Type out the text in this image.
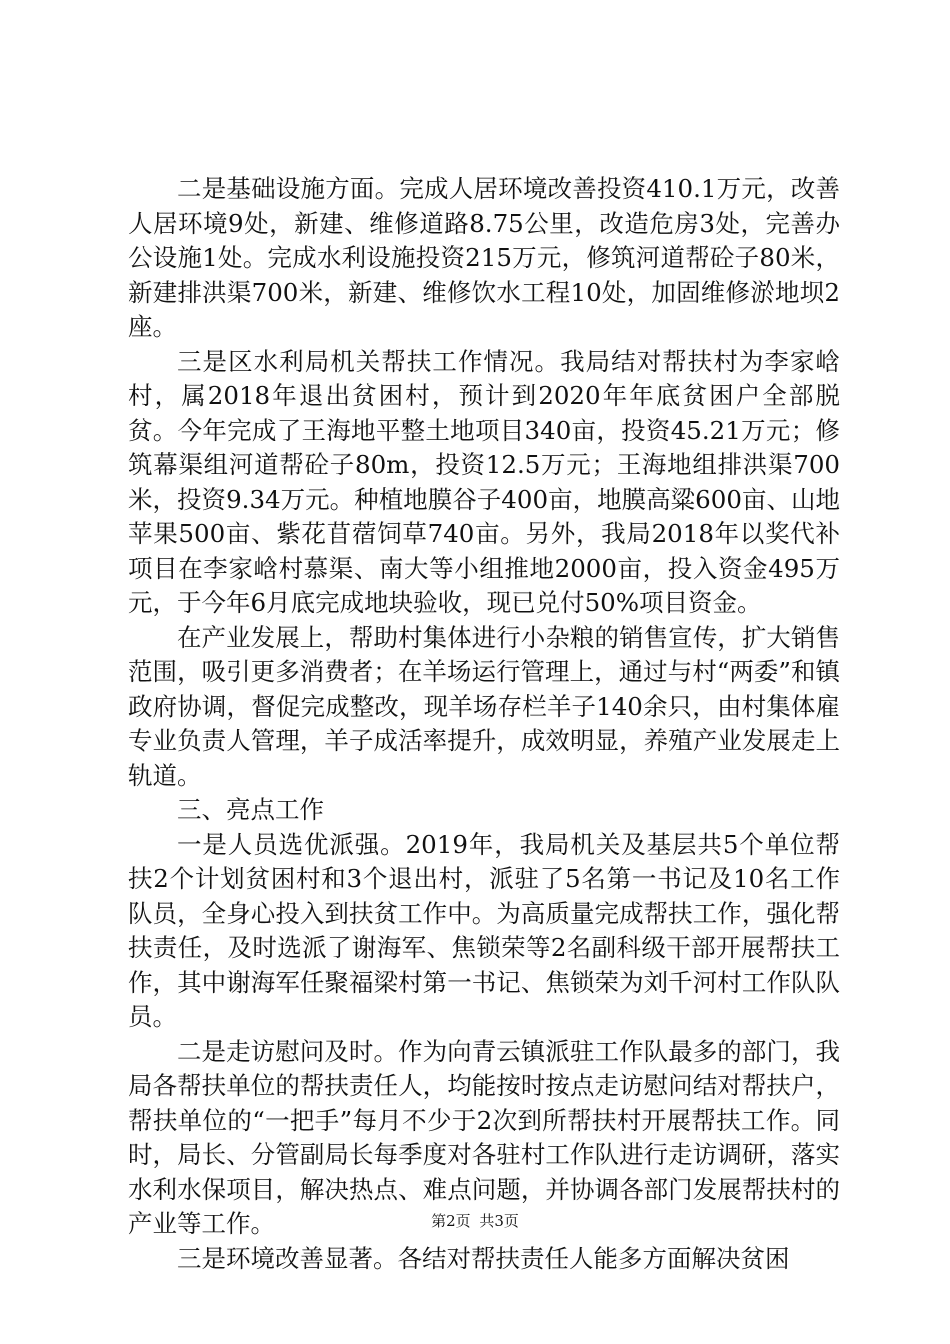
二是基础设施方面。完成人居环境改善投资410.1万元，改善人居环境9处，新建、维修道路8.75公里，改造危房3处，完善办公设施1处。完成水利设施投资215万元，修筑河道帮砼子80米，新建排洪渠700米，新建、维修饮水工程10处，加固维修淤地坝2座。

三是区水利局机关帮扶工作情况。我局结对帮扶村为李家㟏村，属2018年退出贫困村，预计到2020年年底贫困户全部脱贫。今年完成了王海地平整土地项目340亩，投资45.21万元；修筑幕渠组河道帮砼子80m，投资12.5万元；王海地组排洪渠700米，投资9.34万元。种植地膜谷子400亩，地膜高粱600亩、山地苹果500亩、紫花苜蓿饲草740亩。另外，我局2018年以奖代补项目在李家㟏村慕渠、南大等小组推地2000亩，投入资金495万元，于今年6月底完成地块验收，现已兑付50%项目资金。

在产业发展上，帮助村集体进行小杂粮的销售宣传，扩大销售范围，吸引更多消费者；在羊场运行管理上，通过与村“两委”和镇政府协调，督促完成整改，现羊场存栏羊子140余只，由村集体雇专业负责人管理，羊子成活率提升，成效明显，养殖产业发展走上轨道。

三、亮点工作

一是人员选优派强。2019年，我局机关及基层共5个单位帮扶2个计划贫困村和3个退出村，派驻了5名第一书记及10名工作队员，全身心投入到扶贫工作中。为高质量完成帮扶工作，强化帮扶责任，及时选派了谢海军、焦锁荣等2名副科级干部开展帮扶工作，其中谢海军任聚福梁村第一书记、焦锁荣为刘千河村工作队队员。

二是走访慰问及时。作为向青云镇派驻工作队最多的部门，我局各帮扶单位的帮扶责任人，均能按时按点走访慰问结对帮扶户，帮扶单位的“一把手”每月不少于2次到所帮扶村开展帮扶工作。同时，局长、分管副局长每季度对各驻村工作队进行走访调研，落实水利水保项目，解决热点、难点问题，并协调各部门发展帮扶村的产业等工作。

三是环境改善显著。各结对帮扶责任人能多方面解决贫困

第2页 共3页
